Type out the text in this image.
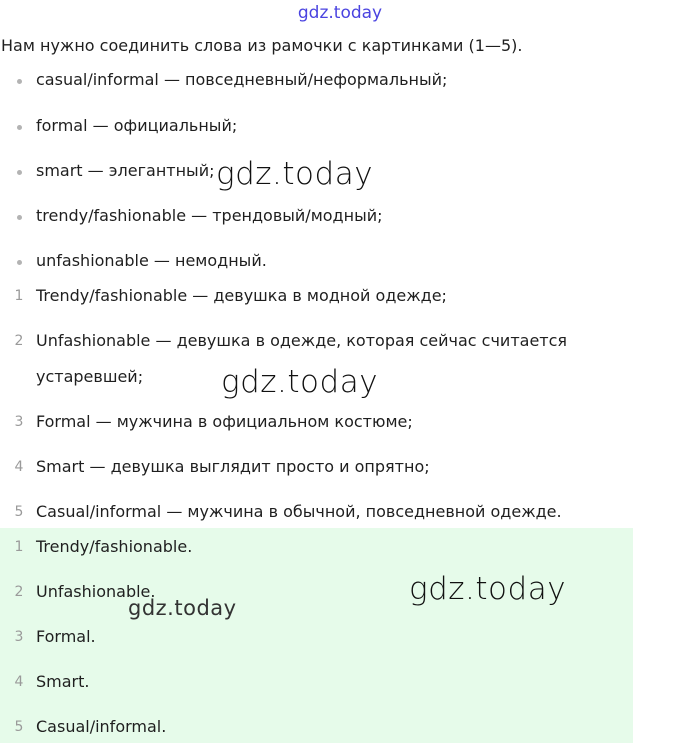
gdz.today
Нам нужно соединить слова из рамочки с картинками (1—5).
casual/informal — повседневный/неформальный;
formal — официальный;
smart — элегантный;
trendy/fashionable — трендовый/модный;
unfashionable — немодный.
1 Trendy/fashionable — девушка в модной одежде;
2 Unfashionable — девушка в одежде, которая сейчас считается
устаревшей;
3 Formal — мужчина в официальном костюме;
4 Smart — девушка выглядит просто и опрятно;
5 Casual/informal — мужчина в обычной, повседневной одежде.
1 Trendy/fashionable.
2 Unfashionable.
3 Formal.
4 Smart.
5 Casual/informal.
gdz.today
gdz.today
gdz.today
gdz.today
